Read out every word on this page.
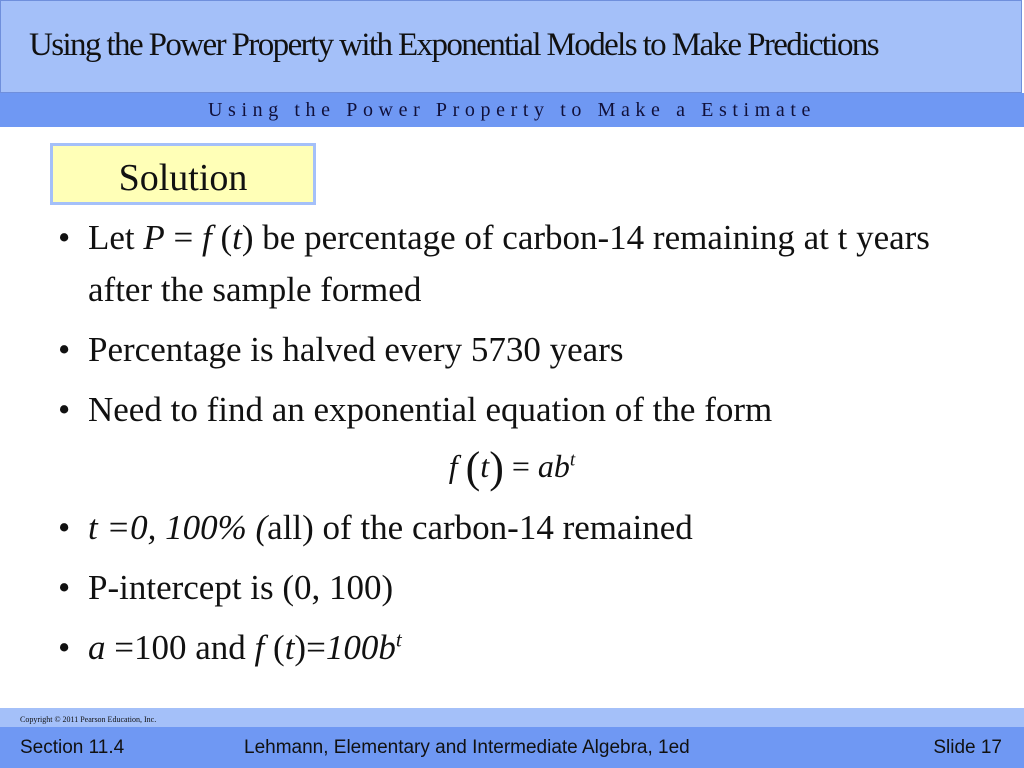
Using the Power Property with Exponential Models to Make Predictions
Using the Power Property to Make a Estimate
Solution
• Let P = f (t) be percentage of carbon-14 remaining at t years after the sample formed
• Percentage is halved every 5730 years
• Need to find an exponential equation of the form
f $(t) = ab^t$
• t =0, 100% (all) of the carbon-14 remained
• P-intercept is (0, 100)
• a =100 and f $(t)=100b^t$
Copyright © 2011 Pearson Education, Inc.
Section 11.4	Lehmann, Elementary and Intermediate Algebra, 1ed	Slide 17
